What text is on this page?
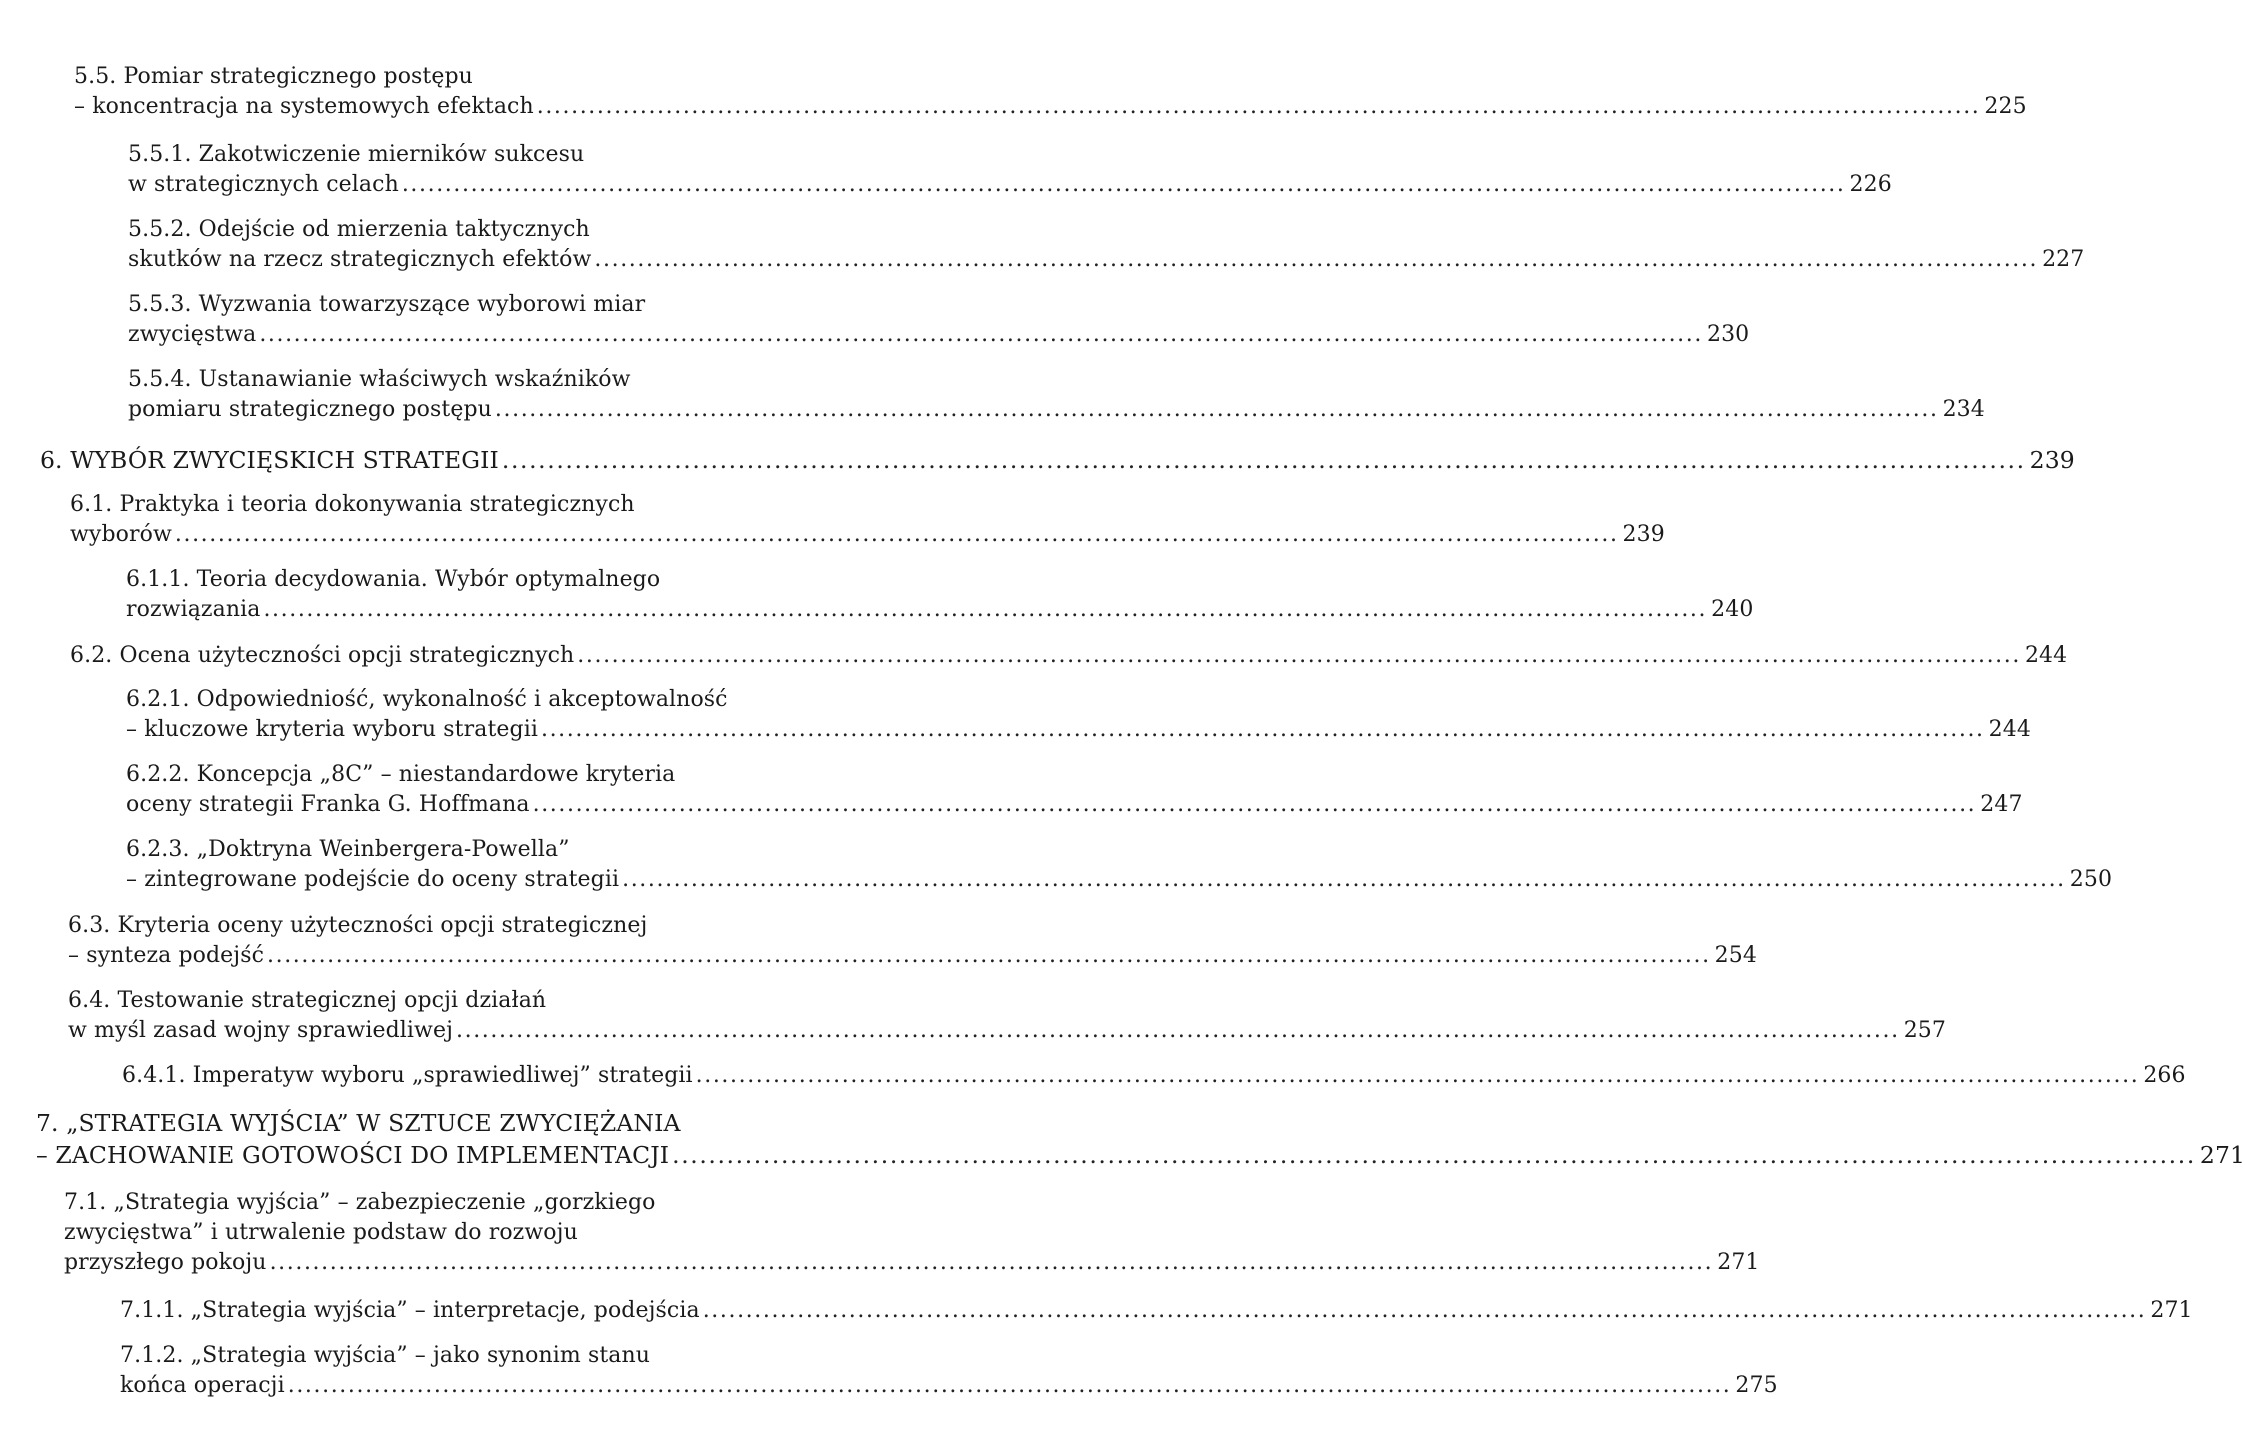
5.5. Pomiar strategicznego postępu
– koncentracja na systemowych efektach ........................................................................................................................................................................ 225
5.5.1. Zakotwiczenie mierników sukcesu
w strategicznych celach ........................................................................................................................................................................ 226
5.5.2. Odejście od mierzenia taktycznych
skutków na rzecz strategicznych efektów ........................................................................................................................................................................ 227
5.5.3. Wyzwania towarzyszące wyborowi miar
zwycięstwa ........................................................................................................................................................................ 230
5.5.4. Ustanawianie właściwych wskaźników
pomiaru strategicznego postępu ........................................................................................................................................................................ 234
6. WYBÓR ZWYCIĘSKICH STRATEGII ........................................................................................................................................................................ 239
6.1. Praktyka i teoria dokonywania strategicznych
wyborów ........................................................................................................................................................................ 239
6.1.1. Teoria decydowania. Wybór optymalnego
rozwiązania ........................................................................................................................................................................ 240
6.2. Ocena użyteczności opcji strategicznych ........................................................................................................................................................................ 244
6.2.1. Odpowiedniość, wykonalność i akceptowalność
– kluczowe kryteria wyboru strategii ........................................................................................................................................................................ 244
6.2.2. Koncepcja „8C” – niestandardowe kryteria
oceny strategii Franka G. Hoffmana ........................................................................................................................................................................ 247
6.2.3. „Doktryna Weinbergera-Powella”
– zintegrowane podejście do oceny strategii ........................................................................................................................................................................ 250
6.3. Kryteria oceny użyteczności opcji strategicznej
– synteza podejść ........................................................................................................................................................................ 254
6.4. Testowanie strategicznej opcji działań
w myśl zasad wojny sprawiedliwej ........................................................................................................................................................................ 257
6.4.1. Imperatyw wyboru „sprawiedliwej” strategii ........................................................................................................................................................................ 266
7. „STRATEGIA WYJŚCIA” W SZTUCE ZWYCIĘŻANIA
– ZACHOWANIE GOTOWOŚCI DO IMPLEMENTACJI ........................................................................................................................................................................ 271
7.1. „Strategia wyjścia” – zabezpieczenie „gorzkiego
zwycięstwa” i utrwalenie podstaw do rozwoju
przyszłego pokoju ........................................................................................................................................................................ 271
7.1.1. „Strategia wyjścia” – interpretacje, podejścia ........................................................................................................................................................................ 271
7.1.2. „Strategia wyjścia” – jako synonim stanu
końca operacji ........................................................................................................................................................................ 275
